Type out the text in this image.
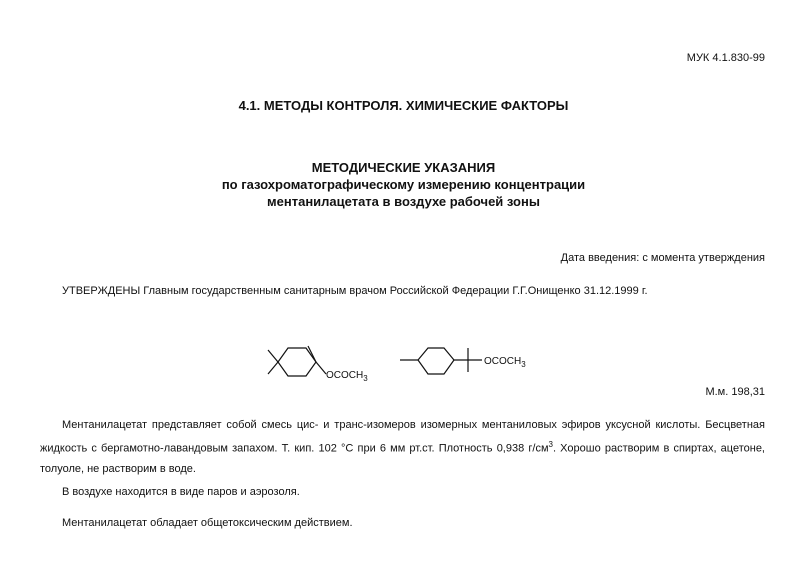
МУК 4.1.830-99
4.1. МЕТОДЫ КОНТРОЛЯ. ХИМИЧЕСКИЕ ФАКТОРЫ
МЕТОДИЧЕСКИЕ УКАЗАНИЯ
по газохроматографическому измерению концентрации
ментанилацетата в воздухе рабочей зоны
Дата введения: с момента утверждения
УТВЕРЖДЕНЫ Главным государственным санитарным врачом Российской Федерации Г.Г.Онищенко 31.12.1999 г.
$OCOCH_3$
$OCOCH_3$
М.м. 198,31
Ментанилацетат представляет собой смесь цис- и транс-изомеров изомерных ментаниловых эфиров уксусной кислоты. Бесцветная жидкость с бергамотно-лавандовым запахом. Т. кип. 102 °С при 6 мм рт.ст. Плотность 0,938 $г/см^3$. Хорошо растворим в спиртах, ацетоне, толуоле, не растворим в воде.
В воздухе находится в виде паров и аэрозоля.
Ментанилацетат обладает общетоксическим действием.
